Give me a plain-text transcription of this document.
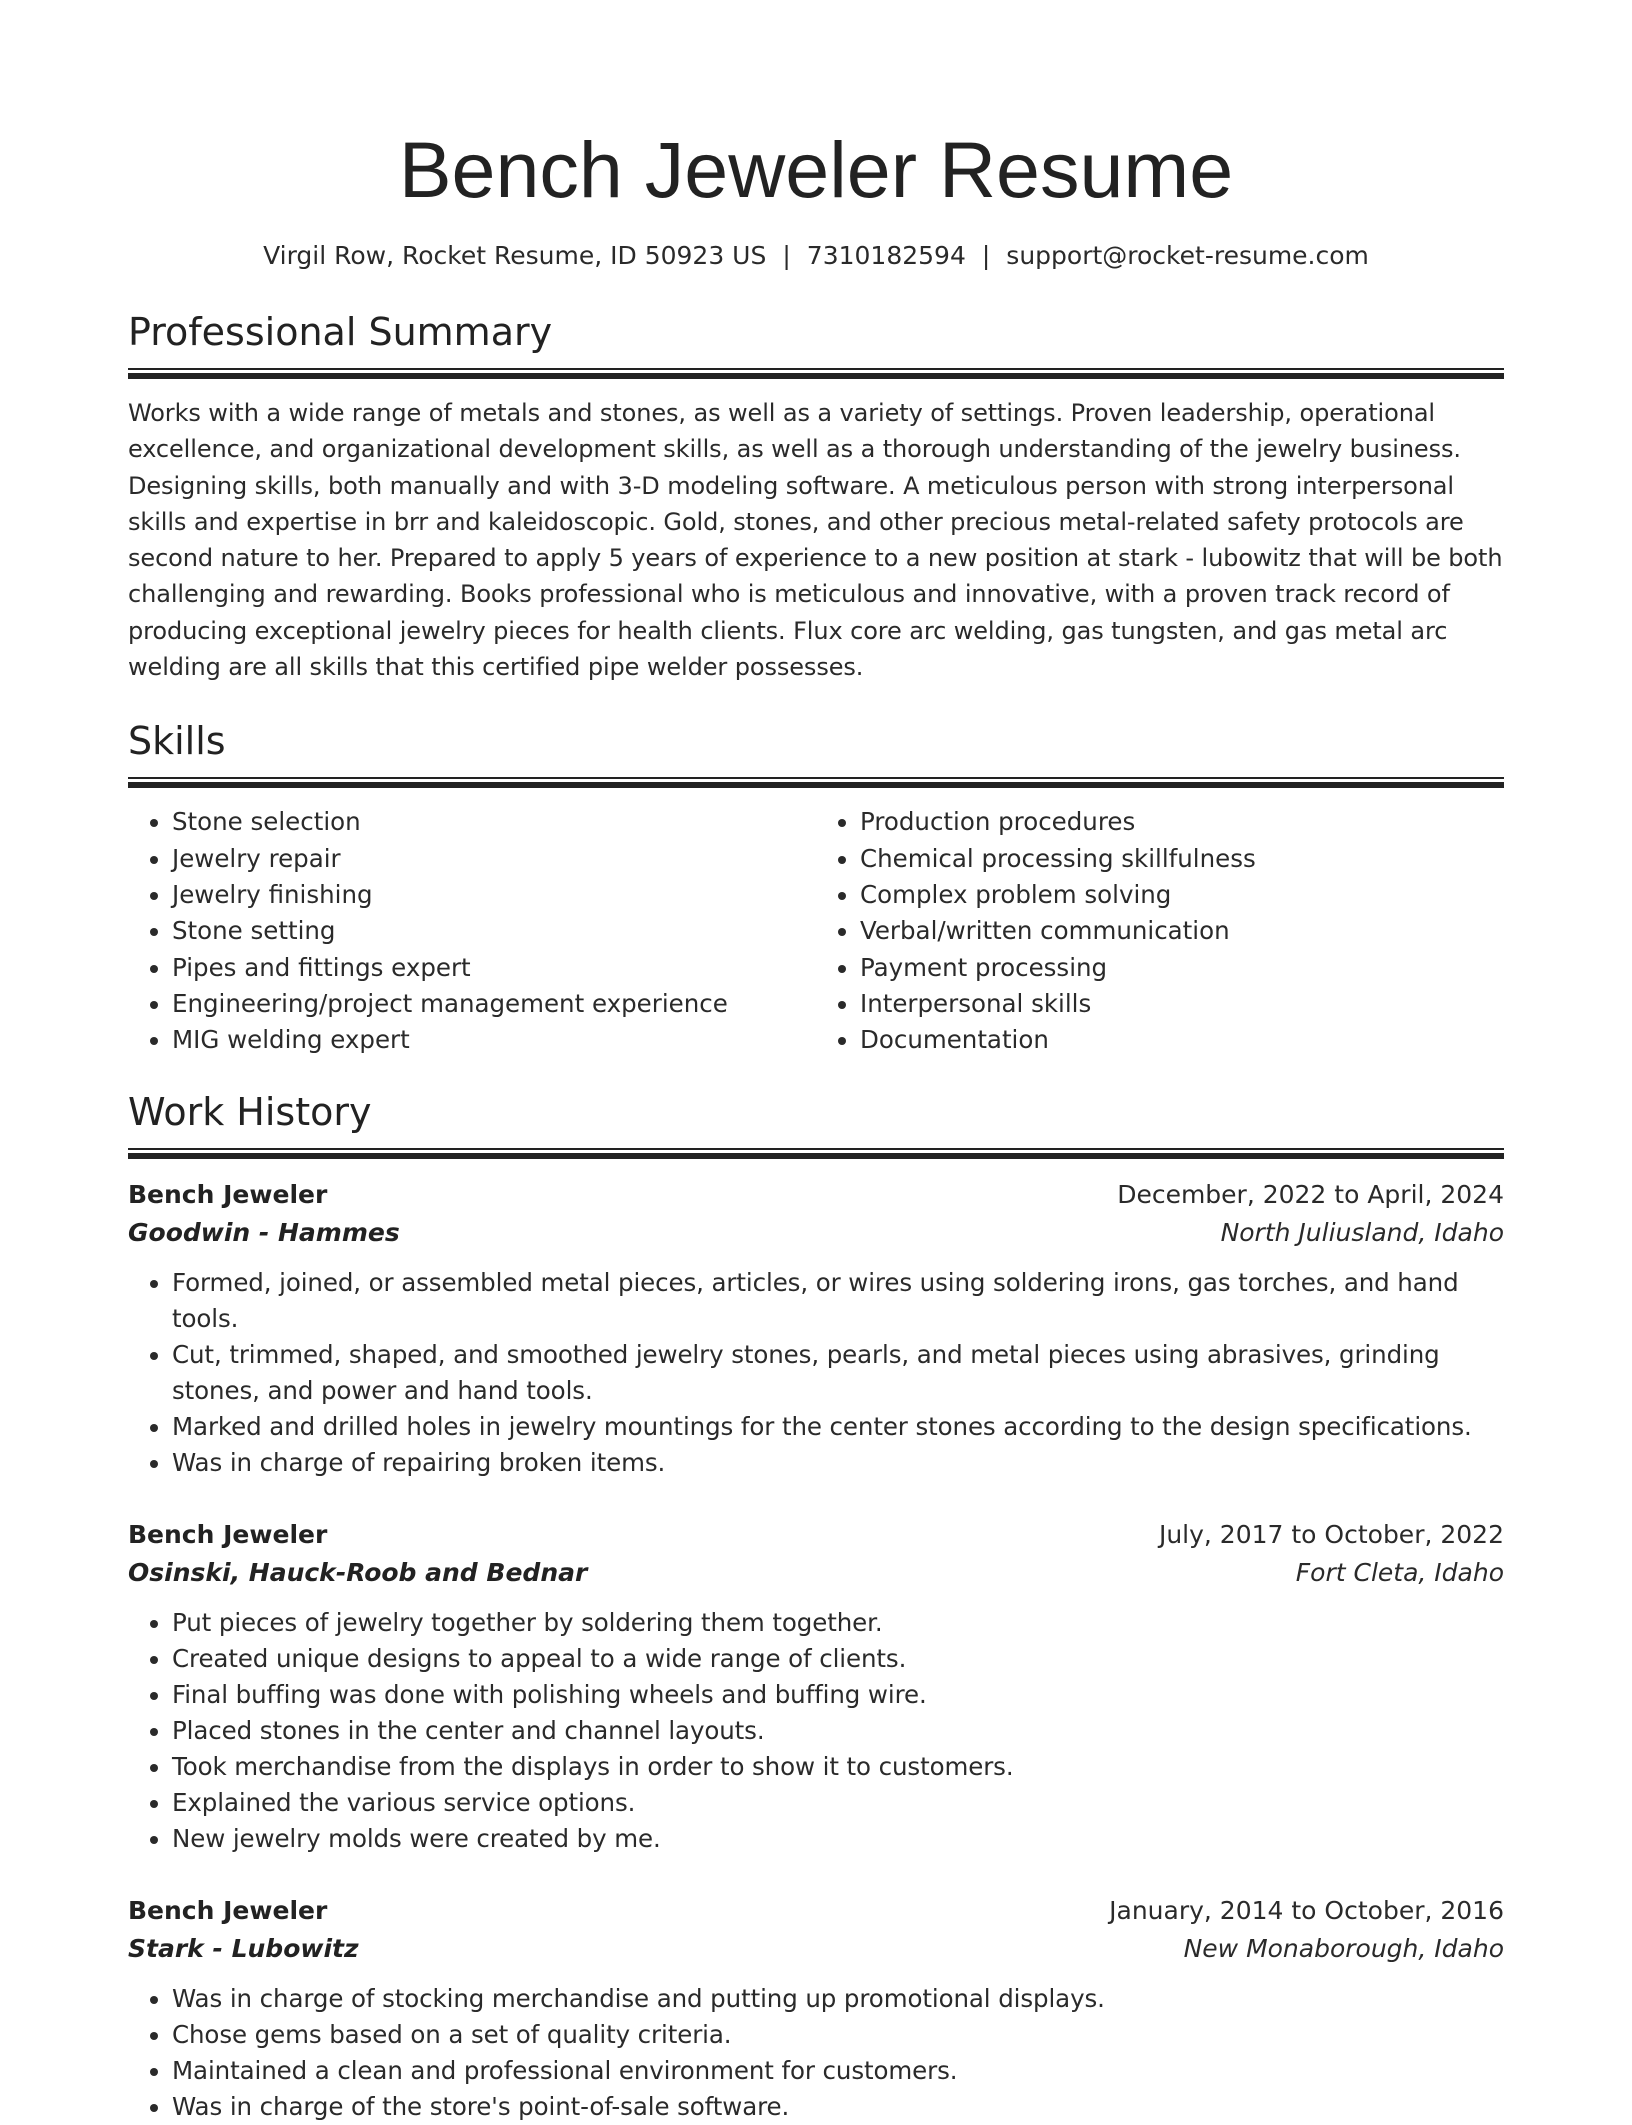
Bench Jeweler Resume
Virgil Row, Rocket Resume, ID 50923 US | 7310182594 | support@rocket-resume.com
Professional Summary

Works with a wide range of metals and stones, as well as a variety of settings. Proven leadership, operational excellence, and organizational development skills, as well as a thorough understanding of the jewelry business. Designing skills, both manually and with 3-D modeling software. A meticulous person with strong interpersonal skills and expertise in brr and kaleidoscopic. Gold, stones, and other precious metal-related safety protocols are second nature to her. Prepared to apply 5 years of experience to a new position at stark - lubowitz that will be both challenging and rewarding. Books professional who is meticulous and innovative, with a proven track record of producing exceptional jewelry pieces for health clients. Flux core arc welding, gas tungsten, and gas metal arc welding are all skills that this certified pipe welder possesses.

Skills
• Stone selection
• Jewelry repair
• Jewelry finishing
• Stone setting
• Pipes and fittings expert
• Engineering/project management experience
• MIG welding expert
• Production procedures
• Chemical processing skillfulness
• Complex problem solving
• Verbal/written communication
• Payment processing
• Interpersonal skills
• Documentation
Work History
Bench Jeweler	December, 2022 to April, 2024
Goodwin - Hammes	North Juliusland, Idaho
• Formed, joined, or assembled metal pieces, articles, or wires using soldering irons, gas torches, and hand tools.
• Cut, trimmed, shaped, and smoothed jewelry stones, pearls, and metal pieces using abrasives, grinding stones, and power and hand tools.
• Marked and drilled holes in jewelry mountings for the center stones according to the design specifications.
• Was in charge of repairing broken items.
Bench Jeweler	July, 2017 to October, 2022
Osinski, Hauck-Roob and Bednar	Fort Cleta, Idaho
• Put pieces of jewelry together by soldering them together.
• Created unique designs to appeal to a wide range of clients.
• Final buffing was done with polishing wheels and buffing wire.
• Placed stones in the center and channel layouts.
• Took merchandise from the displays in order to show it to customers.
• Explained the various service options.
• New jewelry molds were created by me.
Bench Jeweler	January, 2014 to October, 2016
Stark - Lubowitz	New Monaborough, Idaho
• Was in charge of stocking merchandise and putting up promotional displays.
• Chose gems based on a set of quality criteria.
• Maintained a clean and professional environment for customers.
• Was in charge of the store's point-of-sale software.
